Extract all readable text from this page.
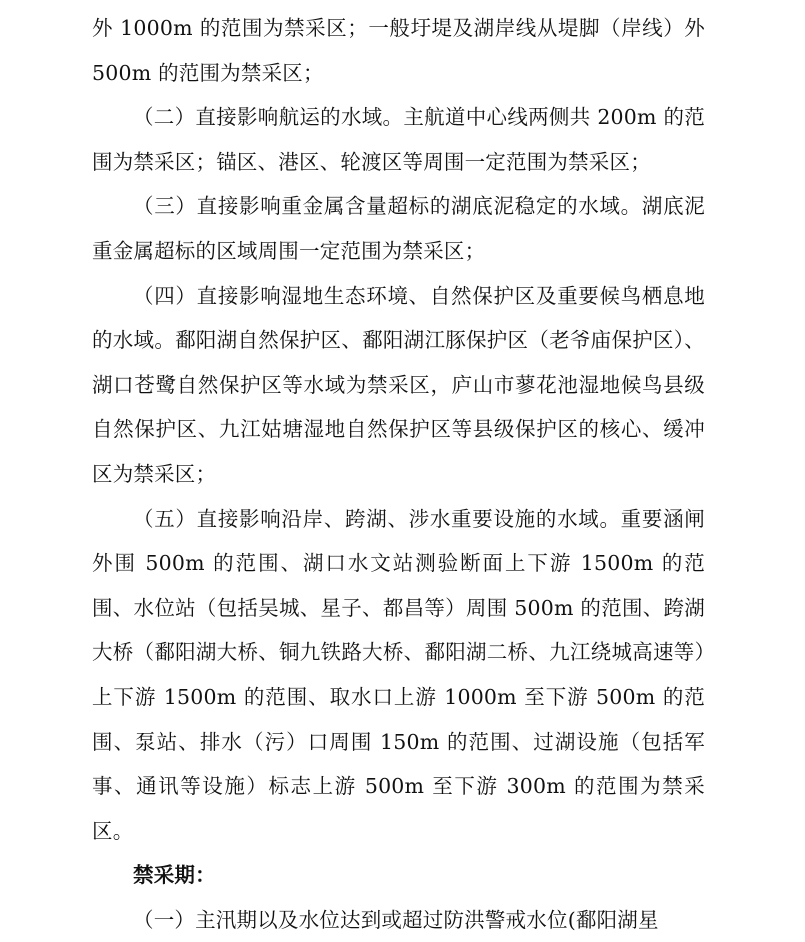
外 1000m 的范围为禁采区；一般圩堤及湖岸线从堤脚（岸线）外 500m 的范围为禁采区；

（二）直接影响航运的水域。主航道中心线两侧共 200m 的范围为禁采区；锚区、港区、轮渡区等周围一定范围为禁采区；

（三）直接影响重金属含量超标的湖底泥稳定的水域。湖底泥重金属超标的区域周围一定范围为禁采区；

（四）直接影响湿地生态环境、自然保护区及重要候鸟栖息地的水域。鄱阳湖自然保护区、鄱阳湖江豚保护区（老爷庙保护区）、湖口苍鹭自然保护区等水域为禁采区，庐山市蓼花池湿地候鸟县级自然保护区、九江姑塘湿地自然保护区等县级保护区的核心、缓冲区为禁采区；

（五）直接影响沿岸、跨湖、涉水重要设施的水域。重要涵闸外围 500m 的范围、湖口水文站测验断面上下游 1500m 的范围、水位站（包括吴城、星子、都昌等）周围 500m 的范围、跨湖大桥（鄱阳湖大桥、铜九铁路大桥、鄱阳湖二桥、九江绕城高速等）上下游 1500m 的范围、取水口上游 1000m 至下游 500m 的范围、泵站、排水（污）口周围 150m 的范围、过湖设施（包括军事、通讯等设施）标志上游 500m 至下游 300m 的范围为禁采区。

禁采期：

（一）主汛期以及水位达到或超过防洪警戒水位(鄱阳湖星
